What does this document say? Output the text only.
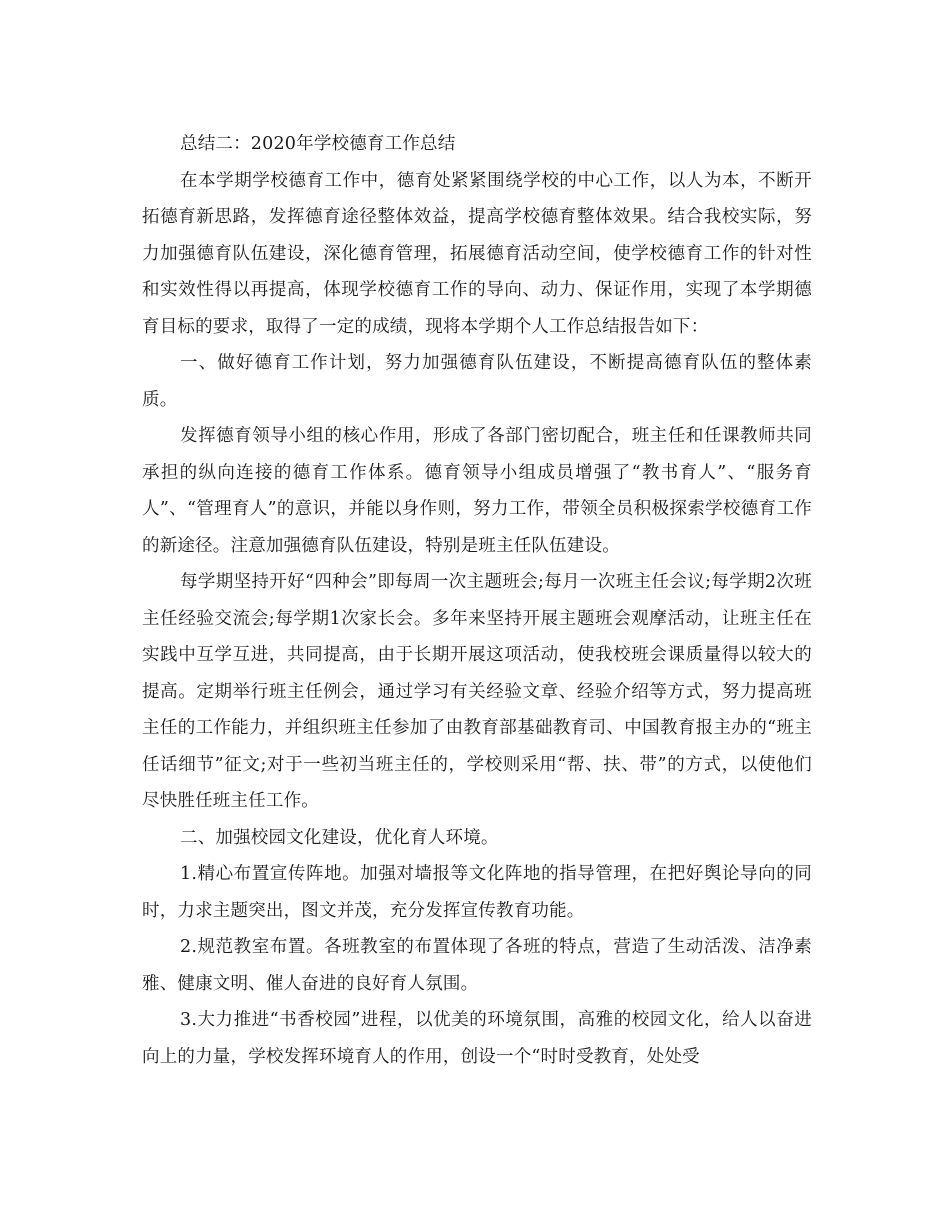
总结二：2020年学校德育工作总结

在本学期学校德育工作中，德育处紧紧围绕学校的中心工作，以人为本，不断开拓德育新思路，发挥德育途径整体效益，提高学校德育整体效果。结合我校实际，努力加强德育队伍建设，深化德育管理，拓展德育活动空间，使学校德育工作的针对性和实效性得以再提高，体现学校德育工作的导向、动力、保证作用，实现了本学期德育目标的要求，取得了一定的成绩，现将本学期个人工作总结报告如下：

一、做好德育工作计划，努力加强德育队伍建设，不断提高德育队伍的整体素质。

发挥德育领导小组的核心作用，形成了各部门密切配合，班主任和任课教师共同承担的纵向连接的德育工作体系。德育领导小组成员增强了“教书育人”、“服务育人”、“管理育人”的意识，并能以身作则，努力工作，带领全员积极探索学校德育工作的新途径。注意加强德育队伍建设，特别是班主任队伍建设。

每学期坚持开好“四种会”即每周一次主题班会;每月一次班主任会议;每学期2次班主任经验交流会;每学期1次家长会。多年来坚持开展主题班会观摩活动，让班主任在实践中互学互进，共同提高，由于长期开展这项活动，使我校班会课质量得以较大的提高。定期举行班主任例会，通过学习有关经验文章、经验介绍等方式，努力提高班主任的工作能力，并组织班主任参加了由教育部基础教育司、中国教育报主办的“班主任话细节”征文;对于一些初当班主任的，学校则采用“帮、扶、带”的方式，以使他们尽快胜任班主任工作。

二、加强校园文化建设，优化育人环境。

1.精心布置宣传阵地。加强对墙报等文化阵地的指导管理，在把好舆论导向的同时，力求主题突出，图文并茂，充分发挥宣传教育功能。

2.规范教室布置。各班教室的布置体现了各班的特点，营造了生动活泼、洁净素雅、健康文明、催人奋进的良好育人氛围。

3.大力推进“书香校园”进程，以优美的环境氛围，高雅的校园文化，给人以奋进向上的力量，学校发挥环境育人的作用，创设一个“时时受教育，处处受
